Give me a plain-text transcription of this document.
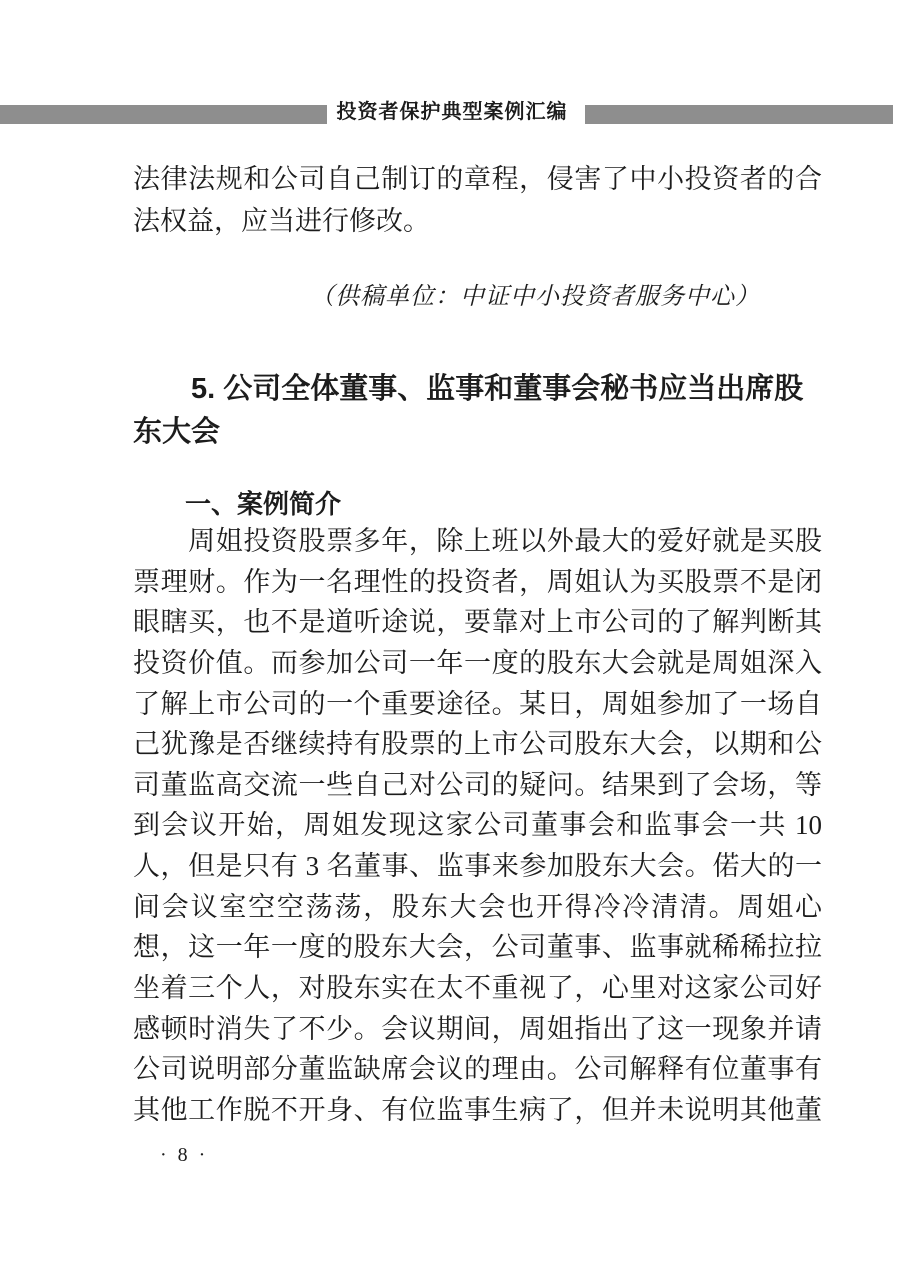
投资者保护典型案例汇编
法律法规和公司自己制订的章程，侵害了中小投资者的合
法权益，应当进行修改。
（供稿单位：中证中小投资者服务中心）
　　5. 公司全体董事、监事和董事会秘书应当出席股
东大会
一、案例简介
　　周姐投资股票多年，除上班以外最大的爱好就是买股
票理财。作为一名理性的投资者，周姐认为买股票不是闭
眼瞎买，也不是道听途说，要靠对上市公司的了解判断其
投资价值。而参加公司一年一度的股东大会就是周姐深入
了解上市公司的一个重要途径。某日，周姐参加了一场自
己犹豫是否继续持有股票的上市公司股东大会，以期和公
司董监高交流一些自己对公司的疑问。结果到了会场，等
到会议开始，周姐发现这家公司董事会和监事会一共 10
人，但是只有 3 名董事、监事来参加股东大会。偌大的一
间会议室空空荡荡，股东大会也开得冷冷清清。周姐心
想，这一年一度的股东大会，公司董事、监事就稀稀拉拉
坐着三个人，对股东实在太不重视了，心里对这家公司好
感顿时消失了不少。会议期间，周姐指出了这一现象并请
公司说明部分董监缺席会议的理由。公司解释有位董事有
其他工作脱不开身、有位监事生病了，但并未说明其他董
· 8 ·
